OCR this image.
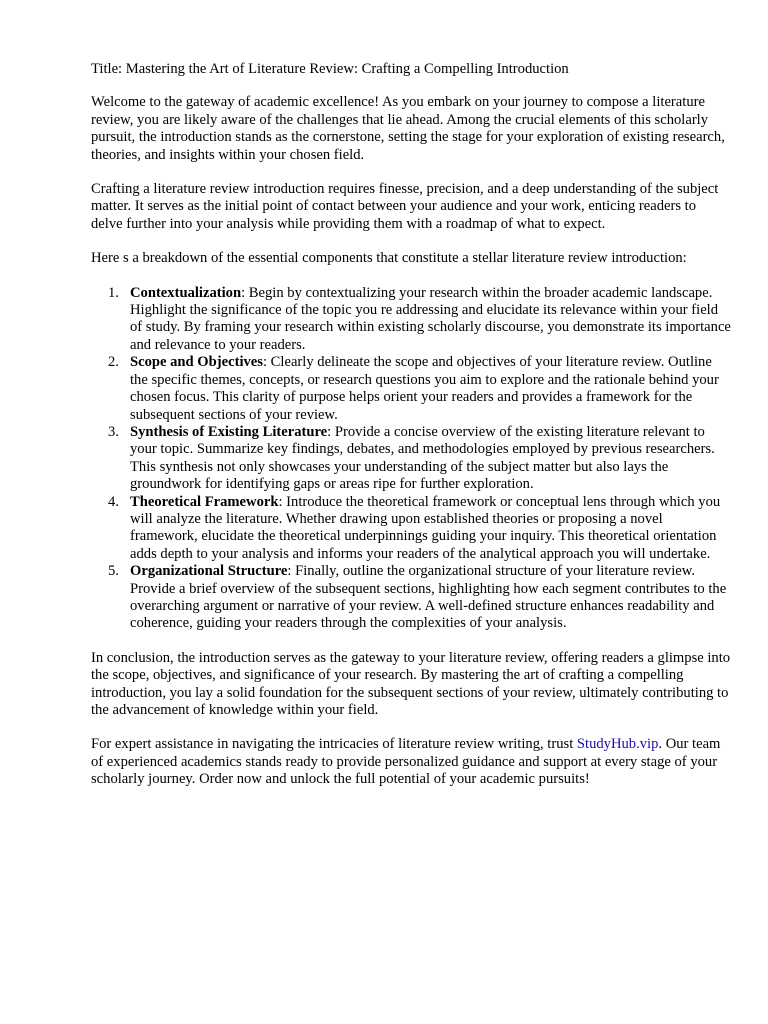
Title: Mastering the Art of Literature Review: Crafting a Compelling Introduction

Welcome to the gateway of academic excellence! As you embark on your journey to compose a literature review, you are likely aware of the challenges that lie ahead. Among the crucial elements of this scholarly pursuit, the introduction stands as the cornerstone, setting the stage for your exploration of existing research, theories, and insights within your chosen field.

Crafting a literature review introduction requires finesse, precision, and a deep understanding of the subject matter. It serves as the initial point of contact between your audience and your work, enticing readers to delve further into your analysis while providing them with a roadmap of what to expect.

Here s a breakdown of the essential components that constitute a stellar literature review introduction:

1. Contextualization: Begin by contextualizing your research within the broader academic landscape. Highlight the significance of the topic you re addressing and elucidate its relevance within your field of study. By framing your research within existing scholarly discourse, you demonstrate its importance and relevance to your readers.
2. Scope and Objectives: Clearly delineate the scope and objectives of your literature review. Outline the specific themes, concepts, or research questions you aim to explore and the rationale behind your chosen focus. This clarity of purpose helps orient your readers and provides a framework for the subsequent sections of your review.
3. Synthesis of Existing Literature: Provide a concise overview of the existing literature relevant to your topic. Summarize key findings, debates, and methodologies employed by previous researchers. This synthesis not only showcases your understanding of the subject matter but also lays the groundwork for identifying gaps or areas ripe for further exploration.
4. Theoretical Framework: Introduce the theoretical framework or conceptual lens through which you will analyze the literature. Whether drawing upon established theories or proposing a novel framework, elucidate the theoretical underpinnings guiding your inquiry. This theoretical orientation adds depth to your analysis and informs your readers of the analytical approach you will undertake.
5. Organizational Structure: Finally, outline the organizational structure of your literature review. Provide a brief overview of the subsequent sections, highlighting how each segment contributes to the overarching argument or narrative of your review. A well-defined structure enhances readability and coherence, guiding your readers through the complexities of your analysis.

In conclusion, the introduction serves as the gateway to your literature review, offering readers a glimpse into the scope, objectives, and significance of your research. By mastering the art of crafting a compelling introduction, you lay a solid foundation for the subsequent sections of your review, ultimately contributing to the advancement of knowledge within your field.

For expert assistance in navigating the intricacies of literature review writing, trust StudyHub.vip. Our team of experienced academics stands ready to provide personalized guidance and support at every stage of your scholarly journey. Order now and unlock the full potential of your academic pursuits!
